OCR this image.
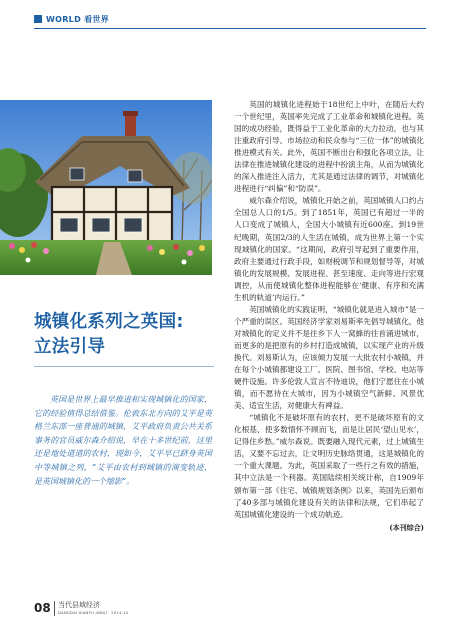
WORLD 看世界
城镇化系列之英国:
立法引导

英国是世界上最早推进和实现城镇化的国家，它的经验值得总结借鉴。伦敦东北方向的艾平是英格兰东部一座普通的城镇，艾平政府负责公共关系事务的官员威尔森介绍说，早在十多世纪前，这里还是地处道道的农村，现如今，艾平早已跻身英国中等城镇之列，“艾平由农村到城镇的演变轨迹，是英国城镇化的一个缩影”。

英国的城镇化进程始于18世纪上中叶，在随后大约一个世纪里，英国率先完成了工业革命和城镇化进程。英国的成功经验，既得益于工业化革命的大力拉动，也与其注重政府引导、市场拉动和民众参与“三位一体”的城镇化推进模式有关。此外，英国不断出台和强化各项立法，让法律在推进城镇化建设的进程中扮演主角，从而为城镇化的深入推进注入活力，尤其是通过法律的调节，对城镇化进程进行“纠偏”和“防误”。

威尔森介绍说，城镇化开始之前，英国城镇人口约占全国总人口的1/5。到了1851年，英国已有超过一半的人口变成了城镇人，全国大小城镇有近600座。到19世纪晚期，英国2/3的人生活在城镇，成为世界上第一个实现城镇化的国家。“这期间，政府引导起到了重要作用，政府主要通过行政手段，如财税调节和规划督导等，对城镇化的发展规模、发展进程、甚至速度、走向等进行宏观调控，从而使城镇化整体进程能够在‘健康、有序和充满生机的轨道’内运行。”

英国城镇化的实践证明，“城镇化就是进入城市”是一个严重的误区。英国经济学家刘易斯率先倡导城镇化，他对城镇化的定义并不是往乡下人一窝蜂的往首涌进城市，而更多的是把原有的乡村打造成城镇，以实现产业的升级换代。刘易斯认为，应该倾力发展一大批农村小城镇，并在每个小城镇都建设工厂、医院、图书馆、学校、电站等硬件设施。许多伦敦人宣言不待迪说，他们宁愿住在小城镇，而不愿待在大城市，因为小城镇空气新鲜、风景优美、适宜生活，对健康大有裨益。

“城镇化不是破坏原有的农村，更不是破坏原有的文化根基，使多数情怀不顾而飞，而是让居民‘望山见水’，记得住乡愁。”威尔森说。既要融入现代元素，过上城镇生活，又要不忘过去，让文明历史脉络贯通，这是城镇化的一个重大课题。为此，英国采取了一些行之有效的措施，其中立法是一个利器。英国陆续相关统计称，自1909年颁布第一部《住宅、城镇规划条例》以来，英国先后颁布了40多部与城镇化建设有关的法律和法规，它们串起了英国城镇化建设的一个成功轨迹。

(本刊综合)

08 当代县域经济
DANGDAI XIANYU JINGJI · 2014.10
